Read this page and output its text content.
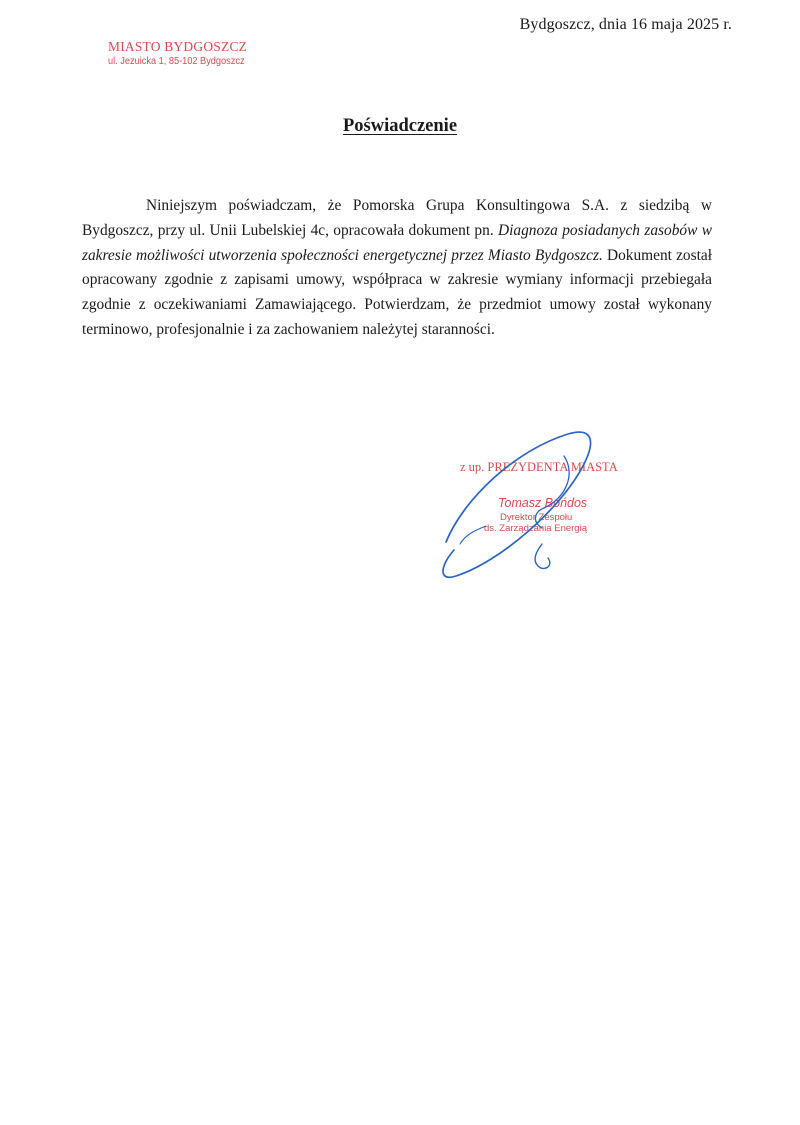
Bydgoszcz, dnia 16 maja 2025 r.
MIASTO BYDGOSZCZ
ul. Jezuicka 1, 85-102 Bydgoszcz
Poświadczenie

Niniejszym poświadczam, że Pomorska Grupa Konsultingowa S.A. z siedzibą w Bydgoszcz, przy ul. Unii Lubelskiej 4c, opracowała dokument pn. Diagnoza posiadanych zasobów w zakresie możliwości utworzenia społeczności energetycznej przez Miasto Bydgoszcz. Dokument został opracowany zgodnie z zapisami umowy, współpraca w zakresie wymiany informacji przebiegała zgodnie z oczekiwaniami Zamawiającego. Potwierdzam, że przedmiot umowy został wykonany terminowo, profesjonalnie i za zachowaniem należytej staranności.

z up. PREZYDENTA MIASTA
Tomasz Bońdos
Dyrektor Zespołu
ds. Zarządzania Energią
